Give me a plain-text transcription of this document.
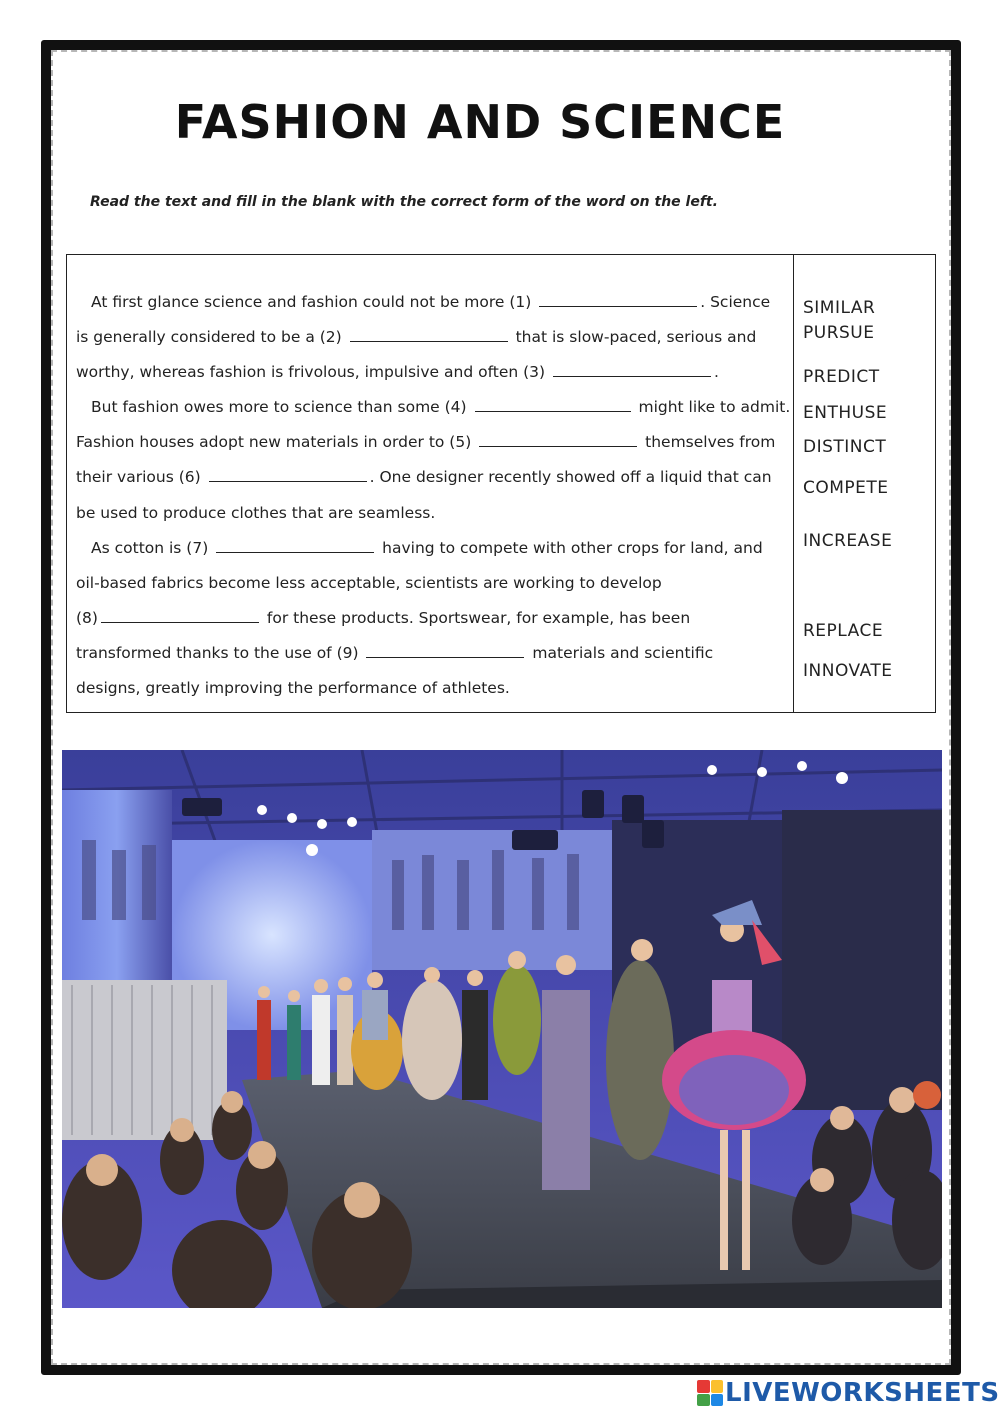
FASHION AND SCIENCE
Read the text and fill in the blank with the correct form of the word on the left.
At first glance science and fashion could not be more (1)	. Science
is generally considered to be a (2)	that is slow-paced, serious and
worthy, whereas fashion is frivolous, impulsive and often (3)	.
But fashion owes more to science than some (4)	might like to admit.
Fashion houses adopt new materials in order to (5)	themselves from
their various (6)	. One designer recently showed off a liquid that can
be used to produce clothes that are seamless.
As cotton is (7)	having to compete with other crops for land, and
oil-based fabrics become less acceptable, scientists are working to develop
(8)	for these products. Sportswear, for example, has been
transformed thanks to the use of (9)	materials and scientific
designs, greatly improving the performance of athletes.
SIMILAR
PURSUE
PREDICT
ENTHUSE
DISTINCT
COMPETE
INCREASE
REPLACE
INNOVATE
LIVEWORKSHEETS
